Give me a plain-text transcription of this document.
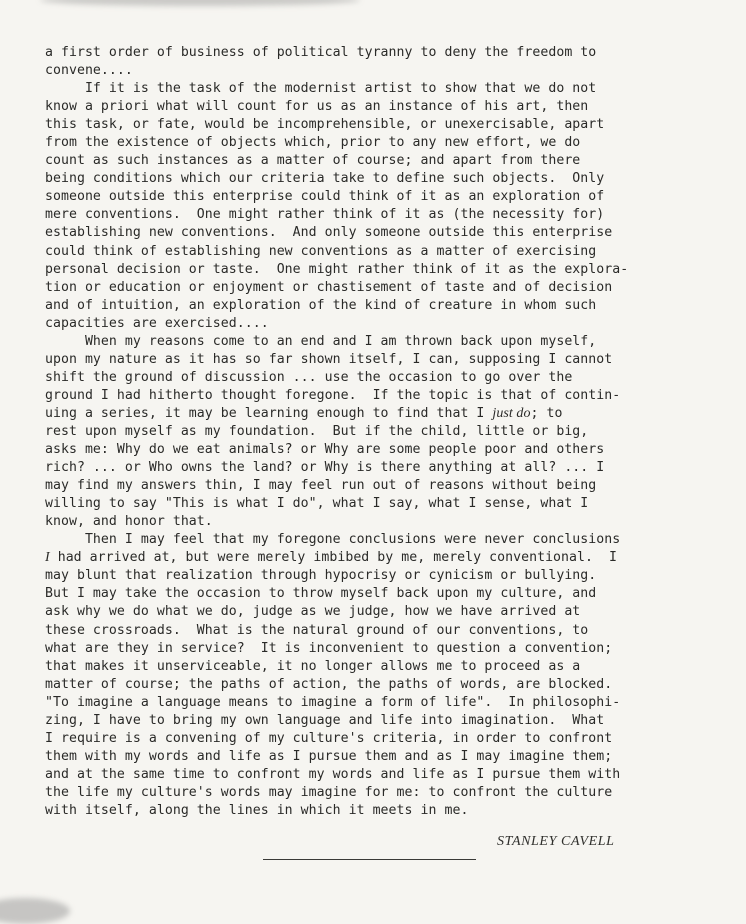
a first order of business of political tyranny to deny the freedom to
convene....
If it is the task of the modernist artist to show that we do not
know a priori what will count for us as an instance of his art, then
this task, or fate, would be incomprehensible, or unexercisable, apart
from the existence of objects which, prior to any new effort, we do
count as such instances as a matter of course; and apart from there
being conditions which our criteria take to define such objects.  Only
someone outside this enterprise could think of it as an exploration of
mere conventions.  One might rather think of it as (the necessity for)
establishing new conventions.  And only someone outside this enterprise
could think of establishing new conventions as a matter of exercising
personal decision or taste.  One might rather think of it as the explora-
tion or education or enjoyment or chastisement of taste and of decision
and of intuition, an exploration of the kind of creature in whom such
capacities are exercised....
When my reasons come to an end and I am thrown back upon myself,
upon my nature as it has so far shown itself, I can, supposing I cannot
shift the ground of discussion ... use the occasion to go over the
ground I had hitherto thought foregone.  If the topic is that of contin-
uing a series, it may be learning enough to find that I just do; to
rest upon myself as my foundation.  But if the child, little or big,
asks me: Why do we eat animals? or Why are some people poor and others
rich? ... or Who owns the land? or Why is there anything at all? ... I
may find my answers thin, I may feel run out of reasons without being
willing to say "This is what I do", what I say, what I sense, what I
know, and honor that.
Then I may feel that my foregone conclusions were never conclusions
I had arrived at, but were merely imbibed by me, merely conventional.  I
may blunt that realization through hypocrisy or cynicism or bullying.
But I may take the occasion to throw myself back upon my culture, and
ask why we do what we do, judge as we judge, how we have arrived at
these crossroads.  What is the natural ground of our conventions, to
what are they in service?  It is inconvenient to question a convention;
that makes it unserviceable, it no longer allows me to proceed as a
matter of course; the paths of action, the paths of words, are blocked.
"To imagine a language means to imagine a form of life".  In philosophi-
zing, I have to bring my own language and life into imagination.  What
I require is a convening of my culture's criteria, in order to confront
them with my words and life as I pursue them and as I may imagine them;
and at the same time to confront my words and life as I pursue them with
the life my culture's words may imagine for me: to confront the culture
with itself, along the lines in which it meets in me.
STANLEY CAVELL
